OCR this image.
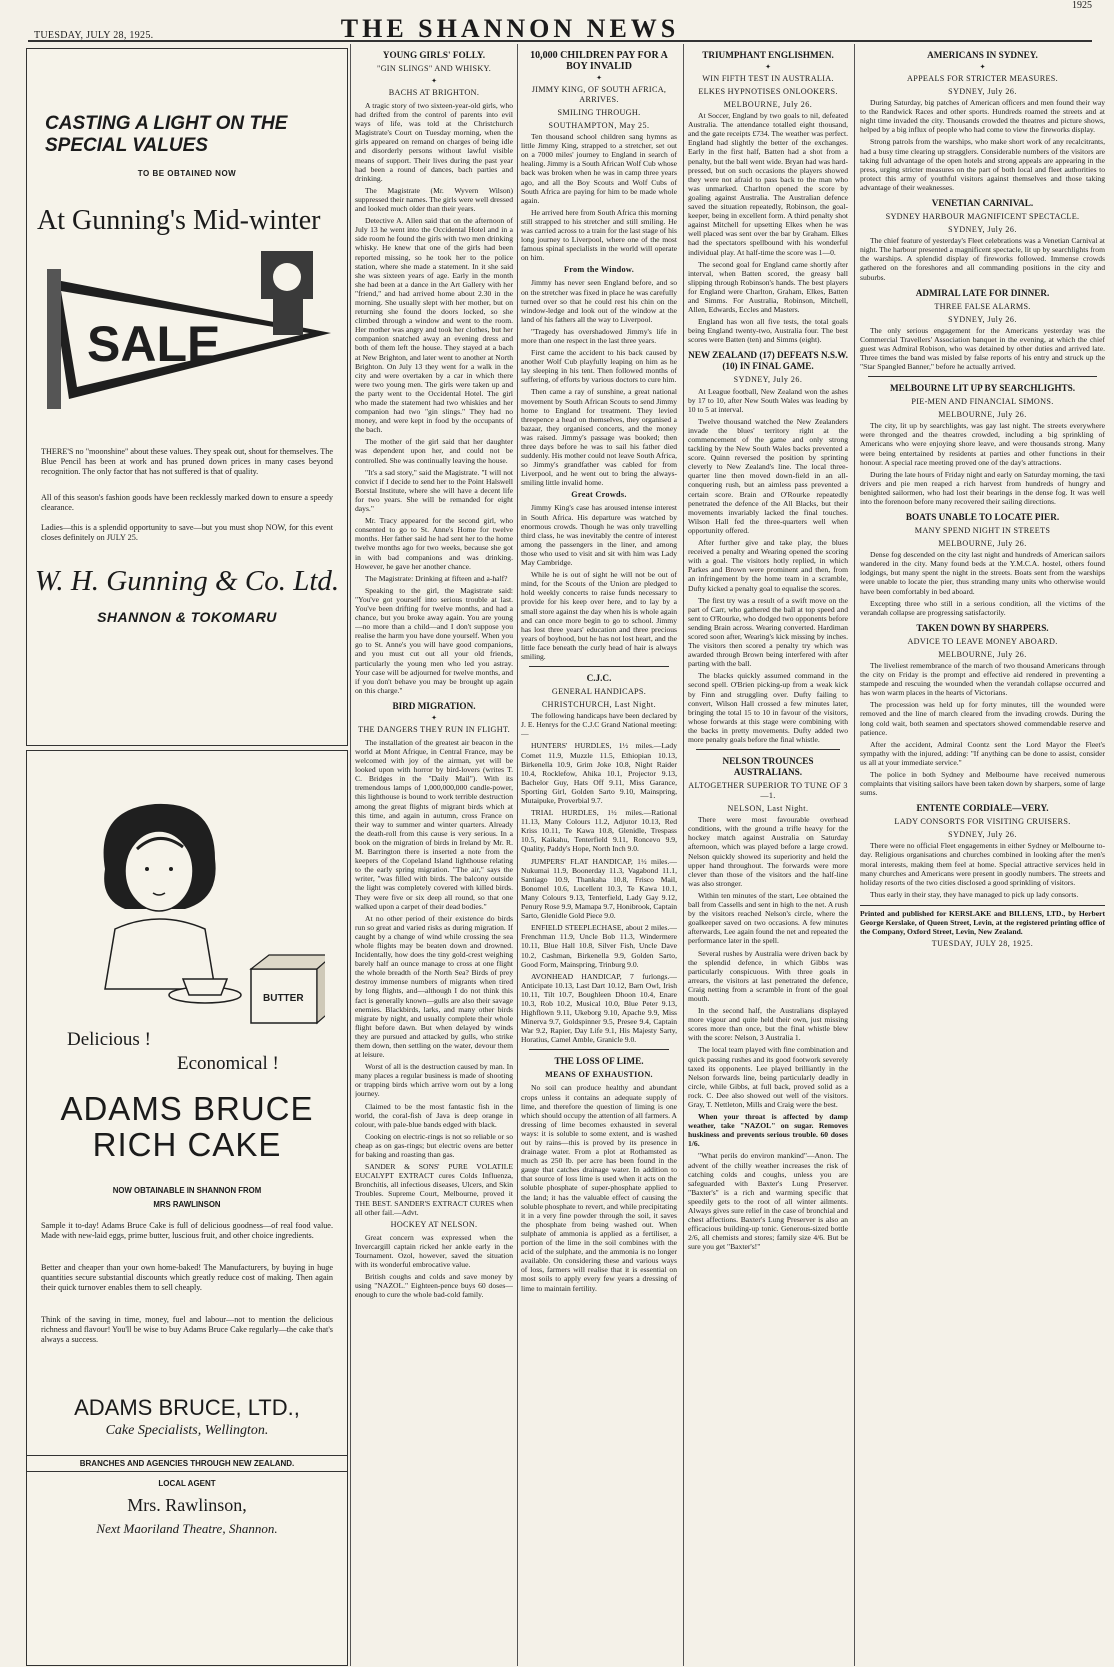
TUESDAY, JULY 28, 1925.	THE SHANNON NEWS
1925
CASTING A LIGHT ON THE SPECIAL VALUES
TO BE OBTAINED NOW
At Gunning's Mid-winter
SALE
THERE'S no "moonshine" about these values. They speak out, shout for themselves. The Blue Pencil has been at work and has pruned down prices in many cases beyond recognition. The only factor that has not suffered is that of quality.
All of this season's fashion goods have been recklessly marked down to ensure a speedy clearance.
Ladies—this is a splendid opportunity to save—but you must shop NOW, for this event closes definitely on JULY 25.
W. H. Gunning & Co. Ltd.
SHANNON & TOKOMARU
BUTTER
Delicious !
Economical !
ADAMS BRUCE
RICH CAKE
NOW OBTAINABLE IN SHANNON FROM
MRS RAWLINSON
Sample it to-day! Adams Bruce Cake is full of delicious goodness—of real food value. Made with new-laid eggs, prime butter, luscious fruit, and other choice ingredients.
Better and cheaper than your own home-baked! The Manufacturers, by buying in huge quantities secure substantial discounts which greatly reduce cost of making. Then again their quick turnover enables them to sell cheaply.
Think of the saving in time, money, fuel and labour—not to mention the delicious richness and flavour! You'll be wise to buy Adams Bruce Cake regularly—the cake that's always a success.
ADAMS BRUCE, LTD.,
Cake Specialists, Wellington.
BRANCHES AND AGENCIES THROUGH NEW ZEALAND.
LOCAL AGENT
Mrs. Rawlinson,
Next Maoriland Theatre, Shannon.
YOUNG GIRLS' FOLLY.
"GIN SLINGS" AND WHISKY.
✦
BACHS AT BRIGHTON.

A tragic story of two sixteen-year-old girls, who had drifted from the control of parents into evil ways of life, was told at the Christchurch Magistrate's Court on Tuesday morning, when the girls appeared on remand on charges of being idle and disorderly persons without lawful visible means of support. Their lives during the past year had been a round of dances, bach parties and drinking.

The Magistrate (Mr. Wyvern Wilson) suppressed their names. The girls were well dressed and looked much older than their years.

Detective A. Allen said that on the afternoon of July 13 he went into the Occidental Hotel and in a side room he found the girls with two men drinking whisky. He knew that one of the girls had been reported missing, so he took her to the police station, where she made a statement. In it she said she was sixteen years of age. Early in the month she had been at a dance in the Art Gallery with her "friend," and had arrived home about 2.30 in the morning. She usually slept with her mother, but on returning she found the doors locked, so she climbed through a window and went to the room. Her mother was angry and took her clothes, but her companion snatched away an evening dress and both of them left the house. They stayed at a bach at New Brighton, and later went to another at North Brighton. On July 13 they went for a walk in the city and were overtaken by a car in which there were two young men. The girls were taken up and the party went to the Occidental Hotel. The girl who made the statement had two whiskies and her companion had two "gin slings." They had no money, and were kept in food by the occupants of the bach.

The mother of the girl said that her daughter was dependent upon her, and could not be controlled. She was continually leaving the house.

"It's a sad story," said the Magistrate. "I will not convict if I decide to send her to the Point Halswell Borstal Institute, where she will have a decent life for two years. She will be remanded for eight days."

Mr. Tracy appeared for the second girl, who consented to go to St. Anne's Home for twelve months. Her father said he had sent her to the home twelve months ago for two weeks, because she got in with bad companions and was drinking. However, he gave her another chance.

The Magistrate: Drinking at fifteen and a-half?

Speaking to the girl, the Magistrate said: "You've got yourself into serious trouble at last. You've been drifting for twelve months, and had a chance, but you broke away again. You are young—no more than a child—and I don't suppose you realise the harm you have done yourself. When you go to St. Anne's you will have good companions, and you must cut out all your old friends, particularly the young men who led you astray. Your case will be adjourned for twelve months, and if you don't behave you may be brought up again on this charge."

BIRD MIGRATION.
✦
THE DANGERS THEY RUN IN FLIGHT.

The installation of the greatest air beacon in the world at Mont Afrique, in Central France, may be welcomed with joy of the airman, yet will be looked upon with horror by bird-lovers (writes T. C. Bridges in the "Daily Mail"). With its tremendous lamps of 1,000,000,000 candle-power, this lighthouse is bound to work terrible destruction among the great flights of migrant birds which at this time, and again in autumn, cross France on their way to summer and winter quarters. Already the death-roll from this cause is very serious. In a book on the migration of birds in Ireland by Mr. R. M. Barrington there is inserted a note from the keepers of the Copeland Island lighthouse relating to the early spring migration. "The air," says the writer, "was filled with birds. The balcony outside the light was completely covered with killed birds. They were five or six deep all round, so that one walked upon a carpet of their dead bodies."

At no other period of their existence do birds run so great and varied risks as during migration. If caught by a change of wind while crossing the sea whole flights may be beaten down and drowned. Incidentally, how does the tiny gold-crest weighing barely half an ounce manage to cross at one flight the whole breadth of the North Sea? Birds of prey destroy immense numbers of migrants when tired by long flights, and—although I do not think this fact is generally known—gulls are also their savage enemies. Blackbirds, larks, and many other birds migrate by night, and usually complete their whole flight before dawn. But when delayed by winds they are pursued and attacked by gulls, who strike them down, then settling on the water, devour them at leisure.

Worst of all is the destruction caused by man. In many places a regular business is made of shooting or trapping birds which arrive worn out by a long journey.

Claimed to be the most fantastic fish in the world, the coral-fish of Java is deep orange in colour, with pale-blue bands edged with black.

Cooking on electric-rings is not so reliable or so cheap as on gas-rings; but electric ovens are better for baking and roasting than gas.

SANDER & SONS' PURE VOLATILE EUCALYPT EXTRACT cures Colds Influenza, Bronchitis, all infectious diseases, Ulcers, and Skin Troubles. Supreme Court, Melbourne, proved it THE BEST. SANDER'S EXTRACT CURES when all other fail.—Advt.

HOCKEY AT NELSON.

Great concern was expressed when the Invercargill captain ricked her ankle early in the Tournament. Ozol, however, saved the situation with its wonderful embrocative value.

British coughs and colds and save money by using "NAZOL." Eighteen-pence buys 60 doses—enough to cure the whole bad-cold family.

10,000 CHILDREN PAY FOR A BOY INVALID
✦
JIMMY KING, OF SOUTH AFRICA, ARRIVES.
SMILING THROUGH.
SOUTHAMPTON, May 25.

Ten thousand school children sang hymns as little Jimmy King, strapped to a stretcher, set out on a 7000 miles' journey to England in search of healing. Jimmy is a South African Wolf Cub whose back was broken when he was in camp three years ago, and all the Boy Scouts and Wolf Cubs of South Africa are paying for him to be made whole again.

He arrived here from South Africa this morning still strapped to his stretcher and still smiling. He was carried across to a train for the last stage of his long journey to Liverpool, where one of the most famous spinal specialists in the world will operate on him.

From the Window.

Jimmy has never seen England before, and so on the stretcher was fixed in place he was carefully turned over so that he could rest his chin on the window-ledge and look out of the window at the land of his fathers all the way to Liverpool.

"Tragedy has overshadowed Jimmy's life in more than one respect in the last three years.

First came the accident to his back caused by another Wolf Cub playfully leaping on him as he lay sleeping in his tent. Then followed months of suffering, of efforts by various doctors to cure him.

Then came a ray of sunshine, a great national movement by South African Scouts to send Jimmy home to England for treatment. They levied threepence a head on themselves, they organised a bazaar, they organised concerts, and the money was raised. Jimmy's passage was booked; then three days before he was to sail his father died suddenly. His mother could not leave South Africa, so Jimmy's grandfather was cabled for from Liverpool, and he went out to bring the always-smiling little invalid home.

Great Crowds.

Jimmy King's case has aroused intense interest in South Africa. His departure was watched by enormous crowds. Though he was only travelling third class, he was inevitably the centre of interest among the passengers in the liner, and among those who used to visit and sit with him was Lady May Cambridge.

While he is out of sight he will not be out of mind, for the Scouts of the Union are pledged to hold weekly concerts to raise funds necessary to provide for his keep over here, and to lay by a small store against the day when his is whole again and can once more begin to go to school. Jimmy has lost three years' education and three precious years of boyhood, but he has not lost heart, and the little face beneath the curly head of hair is always smiling.

C.J.C.
GENERAL HANDICAPS.
CHRISTCHURCH, Last Night.

The following handicaps have been declared by J. E. Henrys for the C.J.C Grand National meeting:—

HUNTERS' HURDLES, 1½ miles.—Lady Comet 11.9, Muzzle 11.5, Ethiopian 10.13, Birkenella 10.9, Grim Joke 10.8, Night Raider 10.4, Rocklefow, Ahika 10.1, Projector 9.13, Bachelor Guy, Hats Off 9.11, Miss Garance, Sporting Girl, Golden Sarto 9.10, Mainspring, Mutaipuke, Proverbial 9.7.

TRIAL HURDLES, 1½ miles.—Rational 11.13, Many Colours 11.2, Adjutor 10.13, Red Kriss 10.11, Te Kawa 10.8, Glenidle, Trespass 10.5, Kaikahu, Tenterfield 9.11, Roncevo 9.9, Quality, Paddy's Hope, North Inch 9.0.

JUMPERS' FLAT HANDICAP, 1½ miles.—Nukumai 11.9, Boonerday 11.3, Vagabond 11.1, Santiago 10.9, Thankaha 10.8, Frisco Mail, Bonomel 10.6, Lucellent 10.3, Te Kawa 10.1, Many Colours 9.13, Tenterfield, Lady Gay 9.12, Penury Rose 9.9, Mamapa 9.7, Honibrook, Captain Sarto, Glenidle Gold Piece 9.0.

ENFIELD STEEPLECHASE, about 2 miles.—Frenchman 11.9, Uncle Bob 11.3, Windermere 10.11, Blue Hall 10.8, Silver Fish, Uncle Dave 10.2, Cashman, Birkenella 9.9, Golden Sarto, Good Form, Mainspring, Trinburg 9.0.

AVONHEAD HANDICAP, 7 furlongs.—Anticipate 10.13, Last Dart 10.12, Barn Owl, Irish 10.11, Tilt 10.7, Boughleen Dhoon 10.4, Enare 10.3, Rob 10.2, Musical 10.0, Blue Peter 9.13, Highflown 9.11, Ukeborg 9.10, Apache 9.9, Miss Minerva 9.7, Goldspinner 9.5, Presee 9.4, Captain War 9.2, Rapier, Day Life 9.1, His Majesty Sarty, Horatius, Camel Amble, Granicle 9.0.

THE LOSS OF LIME.
MEANS OF EXHAUSTION.

No soil can produce healthy and abundant crops unless it contains an adequate supply of lime, and therefore the question of liming is one which should occupy the attention of all farmers. A dressing of lime becomes exhausted in several ways: it is soluble to some extent, and is washed out by rains—this is proved by its presence in drainage water. From a plot at Rothamsted as much as 250 lb. per acre has been found in the gauge that catches drainage water. In addition to that source of loss lime is used when it acts on the soluble phosphate of super-phosphate applied to the land; it has the valuable effect of causing the soluble phosphate to revert, and while precipitating it in a very fine powder through the soil, it saves the phosphate from being washed out. When sulphate of ammonia is applied as a fertiliser, a portion of the lime in the soil combines with the acid of the sulphate, and the ammonia is no longer available. On considering these and various ways of loss, farmers will realise that it is essential on most soils to apply every few years a dressing of lime to maintain fertility.

TRIUMPHANT ENGLISHMEN.
✦
WIN FIFTH TEST IN AUSTRALIA.
ELKES HYPNOTISES ONLOOKERS.
MELBOURNE, July 26.

At Soccer, England by two goals to nil, defeated Australia. The attendance totalled eight thousand, and the gate receipts £734. The weather was perfect. England had slightly the better of the exchanges. Early in the first half, Batten had a shot from a penalty, but the ball went wide. Bryan had was hard-pressed, but on such occasions the players showed they were not afraid to pass back to the man who was unmarked. Charlton opened the score by goaling against Australia. The Australian defence saved the situation repeatedly, Robinson, the goal-keeper, being in excellent form. A third penalty shot against Mitchell for upsetting Elkes when he was well placed was sent over the bar by Graham. Elkes had the spectators spellbound with his wonderful individual play. At half-time the score was 1—0.

The second goal for England came shortly after interval, when Batten scored, the greasy ball slipping through Robinson's hands. The best players for England were Charlton, Graham, Elkes, Batten and Simms. For Australia, Robinson, Mitchell, Allen, Edwards, Eccles and Masters.

England has won all five tests, the total goals being England twenty-two, Australia four. The best scores were Batten (ten) and Simms (eight).

NEW ZEALAND (17) DEFEATS N.S.W. (10) IN FINAL GAME.
SYDNEY, July 26.

At League football, New Zealand won the ashes by 17 to 10, after New South Wales was leading by 10 to 5 at interval.

Twelve thousand watched the New Zealanders invade the blues' territory right at the commencement of the game and only strong tackling by the New South Wales backs prevented a score. Quinn reversed the position by sprinting cleverly to New Zealand's line. The local three-quarter line then moved down-field in an all-conquering rush, but an aimless pass prevented a certain score. Brain and O'Rourke repeatedly penetrated the defence of the All Blacks, but their movements invariably lacked the final touches. Wilson Hall fed the three-quarters well when opportunity offered.

After further give and take play, the blues received a penalty and Wearing opened the scoring with a goal. The visitors hotly replied, in which Parkes and Brown were prominent and then, from an infringement by the home team in a scramble, Dufty kicked a penalty goal to equalise the scores.

The first try was a result of a swift move on the part of Carr, who gathered the ball at top speed and sent to O'Rourke, who dodged two opponents before sending Brain across. Wearing converted. Hardiman scored soon after, Wearing's kick missing by inches. The visitors then scored a penalty try which was awarded through Brown being interfered with after parting with the ball.

The blacks quickly assumed command in the second spell. O'Brien picking-up from a weak kick by Finn and struggling over. Dufty failing to convert, Wilson Hall crossed a few minutes later, bringing the total 15 to 10 in favour of the visitors, whose forwards at this stage were combining with the backs in pretty movements. Dufty added two more penalty goals before the final whistle.

NELSON TROUNCES AUSTRALIANS.
ALTOGETHER SUPERIOR TO TUNE OF 3—1.
NELSON, Last Night.

There were most favourable overhead conditions, with the ground a trifle heavy for the hockey match against Australia on Saturday afternoon, which was played before a large crowd. Nelson quickly showed its superiority and held the upper hand throughout. The forwards were more clever than those of the visitors and the half-line was also stronger.

Within ten minutes of the start, Lee obtained the ball from Cassells and sent in high to the net. A rush by the visitors reached Nelson's circle, where the goalkeeper saved on two occasions. A few minutes afterwards, Lee again found the net and repeated the performance later in the spell.

Several rushes by Australia were driven back by the splendid defence, in which Gibbs was particularly conspicuous. With three goals in arrears, the visitors at last penetrated the defence, Craig netting from a scramble in front of the goal mouth.

In the second half, the Australians displayed more vigour and quite held their own, just missing scores more than once, but the final whistle blew with the score: Nelson, 3 Australia 1.

The local team played with fine combination and quick passing rushes and its good footwork severely taxed its opponents. Lee played brilliantly in the Nelson forwards line, being particularly deadly in circle, while Gibbs, at full back, proved solid as a rock. C. Dee also showed out well of the visitors. Gray, T. Nettleton, Mills and Craig were the best.

When your throat is affected by damp weather, take "NAZOL" on sugar. Removes huskiness and prevents serious trouble. 60 doses 1/6.

"What perils do environ mankind"—Anon. The advent of the chilly weather increases the risk of catching colds and coughs, unless you are safeguarded with Baxter's Lung Preserver. "Baxter's" is a rich and warming specific that speedily gets to the root of all winter ailments. Always gives sure relief in the case of bronchial and chest affections. Baxter's Lung Preserver is also an efficacious building-up tonic. Generous-sized bottle 2/6, all chemists and stores; family size 4/6. But be sure you get "Baxter's!"

AMERICANS IN SYDNEY.
✦
APPEALS FOR STRICTER MEASURES.
SYDNEY, July 26.

During Saturday, big patches of American officers and men found their way to the Randwick Races and other sports. Hundreds roamed the streets and at night time invaded the city. Thousands crowded the theatres and picture shows, helped by a big influx of people who had come to view the fireworks display.

Strong patrols from the warships, who make short work of any recalcitrants, had a busy time clearing up stragglers. Considerable numbers of the visitors are taking full advantage of the open hotels and strong appeals are appearing in the press, urging stricter measures on the part of both local and fleet authorities to protect this army of youthful visitors against themselves and those taking advantage of their weaknesses.

VENETIAN CARNIVAL.
SYDNEY HARBOUR MAGNIFICENT SPECTACLE.
SYDNEY, July 26.

The chief feature of yesterday's Fleet celebrations was a Venetian Carnival at night. The harbour presented a magnificent spectacle, lit up by searchlights from the warships. A splendid display of fireworks followed. Immense crowds gathered on the foreshores and all commanding positions in the city and suburbs.

ADMIRAL LATE FOR DINNER.
THREE FALSE ALARMS.
SYDNEY, July 26.

The only serious engagement for the Americans yesterday was the Commercial Travellers' Association banquet in the evening, at which the chief guest was Admiral Robison, who was detained by other duties and arrived late. Three times the band was misled by false reports of his entry and struck up the "Star Spangled Banner," before he actually arrived.

MELBOURNE LIT UP BY SEARCHLIGHTS.
PIE-MEN AND FINANCIAL SIMONS.
MELBOURNE, July 26.

The city, lit up by searchlights, was gay last night. The streets everywhere were thronged and the theatres crowded, including a big sprinkling of Americans who were enjoying shore leave, and were thousands strong. Many were being entertained by residents at parties and other functions in their honour. A special race meeting proved one of the day's attractions.

During the late hours of Friday night and early on Saturday morning, the taxi drivers and pie men reaped a rich harvest from hundreds of hungry and benighted sailormen, who had lost their bearings in the dense fog. It was well into the forenoon before many recovered their sailing directions.

BOATS UNABLE TO LOCATE PIER.
MANY SPEND NIGHT IN STREETS
MELBOURNE, July 26.

Dense fog descended on the city last night and hundreds of American sailors wandered in the city. Many found beds at the Y.M.C.A. hostel, others found lodgings, but many spent the night in the streets. Boats sent from the warships were unable to locate the pier, thus stranding many units who otherwise would have been comfortably in bed aboard.

Excepting three who still in a serious condition, all the victims of the verandah collapse are progressing satisfactorily.

TAKEN DOWN BY SHARPERS.
ADVICE TO LEAVE MONEY ABOARD.
MELBOURNE, July 26.

The liveliest remembrance of the march of two thousand Americans through the city on Friday is the prompt and effective aid rendered in preventing a stampede and rescuing the wounded when the verandah collapse occurred and has won warm places in the hearts of Victorians.

The procession was held up for forty minutes, till the wounded were removed and the line of march cleared from the invading crowds. During the long cold wait, both seamen and spectators showed commendable reserve and patience.

After the accident, Admiral Coontz sent the Lord Mayor the Fleet's sympathy with the injured, adding: "If anything can be done to assist, consider us all at your immediate service."

The police in both Sydney and Melbourne have received numerous complaints that visiting sailors have been taken down by sharpers, some of large sums.

ENTENTE CORDIALE—VERY.
LADY CONSORTS FOR VISITING CRUISERS.
SYDNEY, July 26.

There were no official Fleet engagements in either Sydney or Melbourne to-day. Religious organisations and churches combined in looking after the men's moral interests, making them feel at home. Special attractive services held in many churches and Americans were present in goodly numbers. The streets and holiday resorts of the two cities disclosed a good sprinkling of visitors.

Thus early in their stay, they have managed to pick up lady consorts.

Printed and published for KERSLAKE and BILLENS, LTD., by Herbert George Kerslake, of Queen Street, Levin, at the registered printing office of the Company, Oxford Street, Levin, New Zealand.
TUESDAY, JULY 28, 1925.
